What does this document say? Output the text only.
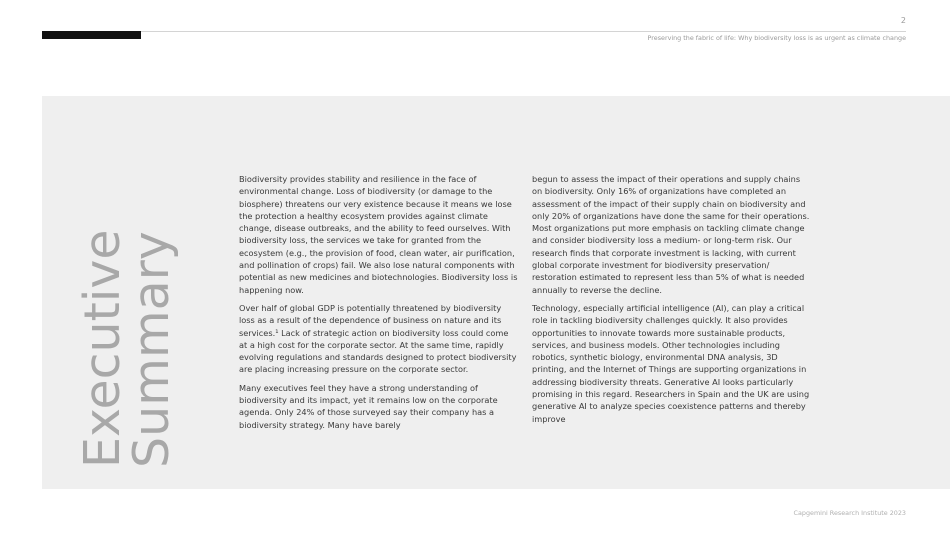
2
Preserving the fabric of life: Why biodiversity loss is as urgent as climate change
Executive
Summary

Biodiversity provides stability and resilience in the face of environmental change. Loss of biodiversity (or damage to the biosphere) threatens our very existence because it means we lose the protection a healthy ecosystem provides against climate change, disease outbreaks, and the ability to feed ourselves. With biodiversity loss, the services we take for granted from the ecosystem (e.g., the provision of food, clean water, air purification, and pollination of crops) fail. We also lose natural components with potential as new medicines and biotechnologies. Biodiversity loss is happening now.

Over half of global GDP is potentially threatened by biodiversity loss as a result of the dependence of business on nature and its services.¹ Lack of strategic action on biodiversity loss could come at a high cost for the corporate sector. At the same time, rapidly evolving regulations and standards designed to protect biodiversity are placing increasing pressure on the corporate sector.

Many executives feel they have a strong understanding of biodiversity and its impact, yet it remains low on the corporate agenda. Only 24% of those surveyed say their company has a biodiversity strategy. Many have barely

begun to assess the impact of their operations and supply chains on biodiversity. Only 16% of organizations have completed an assessment of the impact of their supply chain on biodiversity and only 20% of organizations have done the same for their operations. Most organizations put more emphasis on tackling climate change and consider biodiversity loss a medium- or long-term risk. Our research finds that corporate investment is lacking, with current global corporate investment for biodiversity preservation/ restoration estimated to represent less than 5% of what is needed annually to reverse the decline.

Technology, especially artificial intelligence (AI), can play a critical role in tackling biodiversity challenges quickly. It also provides opportunities to innovate towards more sustainable products, services, and business models. Other technologies including robotics, synthetic biology, environmental DNA analysis, 3D printing, and the Internet of Things are supporting organizations in addressing biodiversity threats. Generative AI looks particularly promising in this regard. Researchers in Spain and the UK are using generative AI to analyze species coexistence patterns and thereby improve

Capgemini Research Institute 2023
